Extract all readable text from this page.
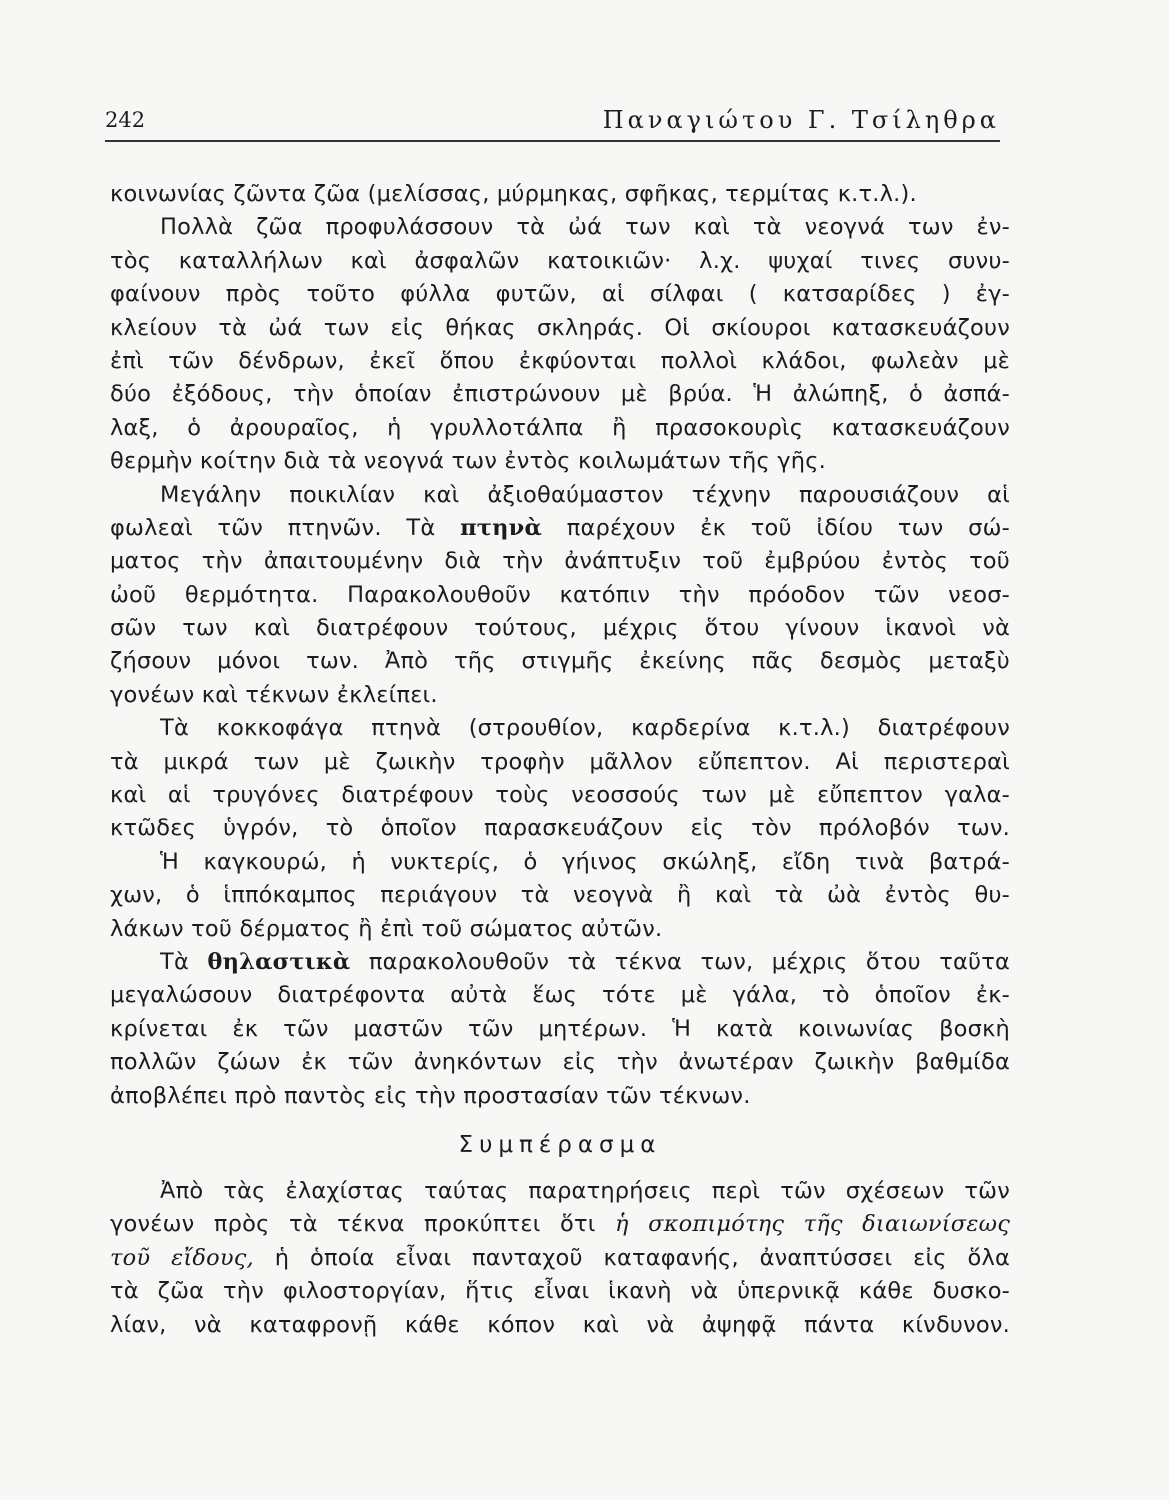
242	Παναγιώτου Γ. Τσίληθρα
κοινωνίας ζῶντα ζῶα (μελίσσας, μύρμηκας, σφῆκας, τερμίτας κ.τ.λ.).
Πολλὰ ζῶα προφυλάσσουν τὰ ὠά των καὶ τὰ νεογνά των ἐν-
τὸς καταλλήλων καὶ ἀσφαλῶν κατοικιῶν· λ.χ. ψυχαί τινες συνυ-
φαίνουν πρὸς τοῦτο φύλλα φυτῶν, αἱ σίλφαι ( κατσαρίδες ) ἐγ-
κλείουν τὰ ὠά των εἰς θήκας σκληράς. Οἱ σκίουροι κατασκευάζουν
ἐπὶ τῶν δένδρων, ἐκεῖ ὅπου ἐκφύονται πολλοὶ κλάδοι, φωλεὰν μὲ
δύο ἐξόδους, τὴν ὁποίαν ἐπιστρώνουν μὲ βρύα. Ἡ ἀλώπηξ, ὁ ἀσπά-
λαξ, ὁ ἀρουραῖος, ἡ γρυλλοτάλπα ἢ πρασοκουρὶς κατασκευάζουν
θερμὴν κοίτην διὰ τὰ νεογνά των ἐντὸς κοιλωμάτων τῆς γῆς.
Μεγάλην ποικιλίαν καὶ ἀξιοθαύμαστον τέχνην παρουσιάζουν αἱ
φωλεαὶ τῶν πτηνῶν. Τὰ πτηνὰ παρέχουν ἐκ τοῦ ἰδίου των σώ-
ματος τὴν ἀπαιτουμένην διὰ τὴν ἀνάπτυξιν τοῦ ἐμβρύου ἐντὸς τοῦ
ὠοῦ θερμότητα. Παρακολουθοῦν κατόπιν τὴν πρόοδον τῶν νεοσ-
σῶν των καὶ διατρέφουν τούτους, μέχρις ὅτου γίνουν ἱκανοὶ νὰ
ζήσουν μόνοι των. Ἀπὸ τῆς στιγμῆς ἐκείνης πᾶς δεσμὸς μεταξὺ
γονέων καὶ τέκνων ἐκλείπει.
Τὰ κοκκοφάγα πτηνὰ (στρουθίον, καρδερίνα κ.τ.λ.) διατρέφουν
τὰ μικρά των μὲ ζωικὴν τροφὴν μᾶλλον εὔπεπτον. Αἱ περιστεραὶ
καὶ αἱ τρυγόνες διατρέφουν τοὺς νεοσσούς των μὲ εὔπεπτον γαλα-
κτῶδες ὑγρόν, τὸ ὁποῖον παρασκευάζουν εἰς τὸν πρόλοβόν των.
Ἡ καγκουρώ, ἡ νυκτερίς, ὁ γήινος σκώληξ, εἴδη τινὰ βατρά-
χων, ὁ ἱππόκαμπος περιάγουν τὰ νεογνὰ ἢ καὶ τὰ ὠὰ ἐντὸς θυ-
λάκων τοῦ δέρματος ἢ ἐπὶ τοῦ σώματος αὐτῶν.
Τὰ θηλαστικὰ παρακολουθοῦν τὰ τέκνα των, μέχρις ὅτου ταῦτα
μεγαλώσουν διατρέφοντα αὐτὰ ἕως τότε μὲ γάλα, τὸ ὁποῖον ἐκ-
κρίνεται ἐκ τῶν μαστῶν τῶν μητέρων. Ἡ κατὰ κοινωνίας βοσκὴ
πολλῶν ζώων ἐκ τῶν ἀνηκόντων εἰς τὴν ἀνωτέραν ζωικὴν βαθμίδα
ἀποβλέπει πρὸ παντὸς εἰς τὴν προστασίαν τῶν τέκνων.
Συμπέρασμα
Ἀπὸ τὰς ἐλαχίστας ταύτας παρατηρήσεις περὶ τῶν σχέσεων τῶν
γονέων πρὸς τὰ τέκνα προκύπτει ὅτι ἡ σκοπιμότης τῆς διαιωνίσεως
τοῦ εἴδους, ἡ ὁποία εἶναι πανταχοῦ καταφανής, ἀναπτύσσει εἰς ὅλα
τὰ ζῶα τὴν φιλοστοργίαν, ἥτις εἶναι ἱκανὴ νὰ ὑπερνικᾷ κάθε δυσκο-
λίαν, νὰ καταφρονῇ κάθε κόπον καὶ νὰ ἀψηφᾷ πάντα κίνδυνον.
